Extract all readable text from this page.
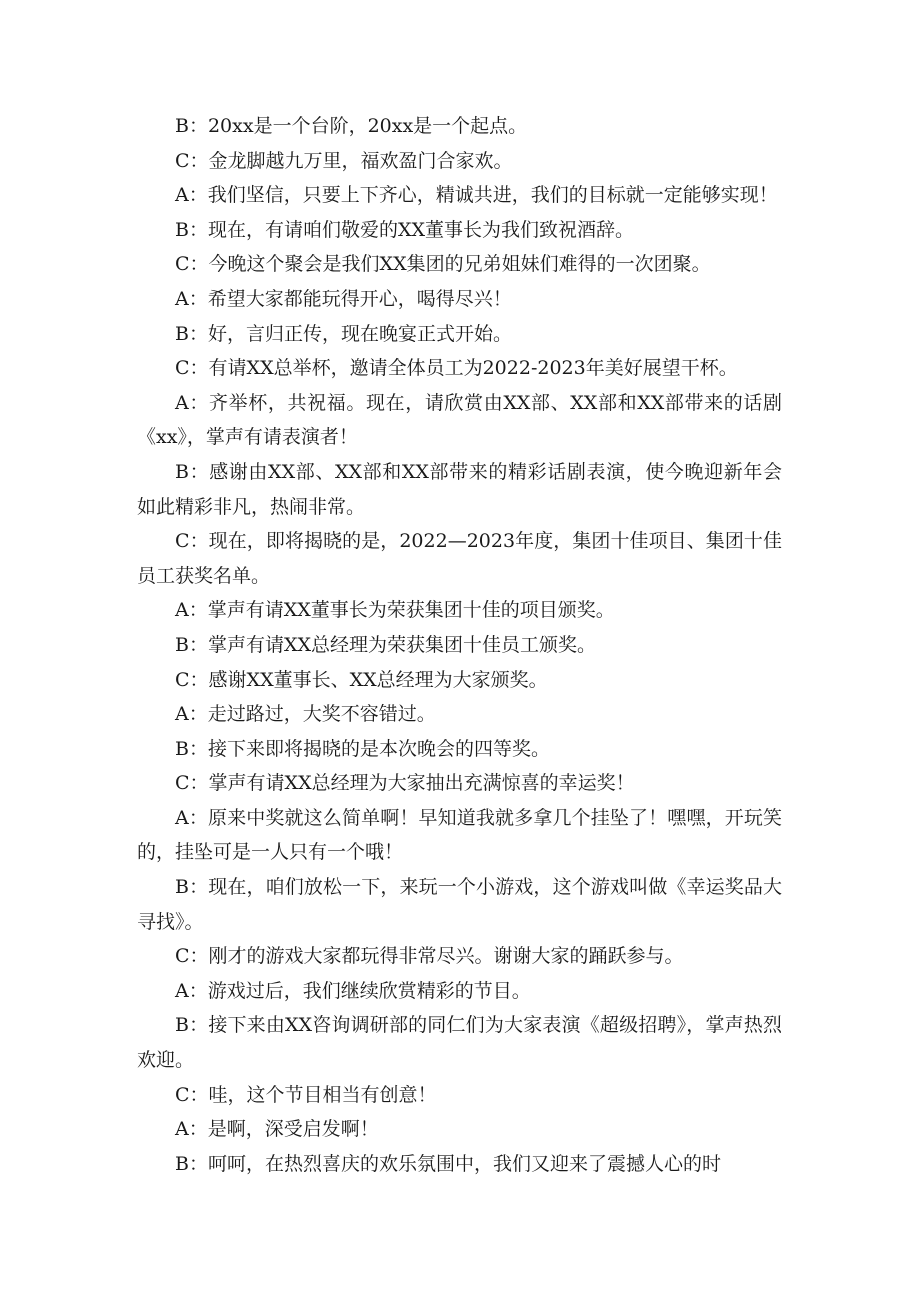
B：20xx是一个台阶，20xx是一个起点。

C：金龙脚越九万里，福欢盈门合家欢。

A：我们坚信，只要上下齐心，精诚共进，我们的目标就一定能够实现！

B：现在，有请咱们敬爱的XX董事长为我们致祝酒辞。

C：今晚这个聚会是我们XX集团的兄弟姐妹们难得的一次团聚。

A：希望大家都能玩得开心，喝得尽兴！

B：好，言归正传，现在晚宴正式开始。

C：有请XX总举杯，邀请全体员工为2022-2023年美好展望干杯。

A：齐举杯，共祝福。现在，请欣赏由XX部、XX部和XX部带来的话剧《xx》，掌声有请表演者！

B：感谢由XX部、XX部和XX部带来的精彩话剧表演，使今晚迎新年会如此精彩非凡，热闹非常。

C：现在，即将揭晓的是，2022—2023年度，集团十佳项目、集团十佳员工获奖名单。

A：掌声有请XX董事长为荣获集团十佳的项目颁奖。

B：掌声有请XX总经理为荣获集团十佳员工颁奖。

C：感谢XX董事长、XX总经理为大家颁奖。

A：走过路过，大奖不容错过。

B：接下来即将揭晓的是本次晚会的四等奖。

C：掌声有请XX总经理为大家抽出充满惊喜的幸运奖！

A：原来中奖就这么简单啊！早知道我就多拿几个挂坠了！嘿嘿，开玩笑的，挂坠可是一人只有一个哦！

B：现在，咱们放松一下，来玩一个小游戏，这个游戏叫做《幸运奖品大寻找》。

C：刚才的游戏大家都玩得非常尽兴。谢谢大家的踊跃参与。

A：游戏过后，我们继续欣赏精彩的节目。

B：接下来由XX咨询调研部的同仁们为大家表演《超级招聘》，掌声热烈欢迎。

C：哇，这个节目相当有创意！

A：是啊，深受启发啊！

B：呵呵，在热烈喜庆的欢乐氛围中，我们又迎来了震撼人心的时
